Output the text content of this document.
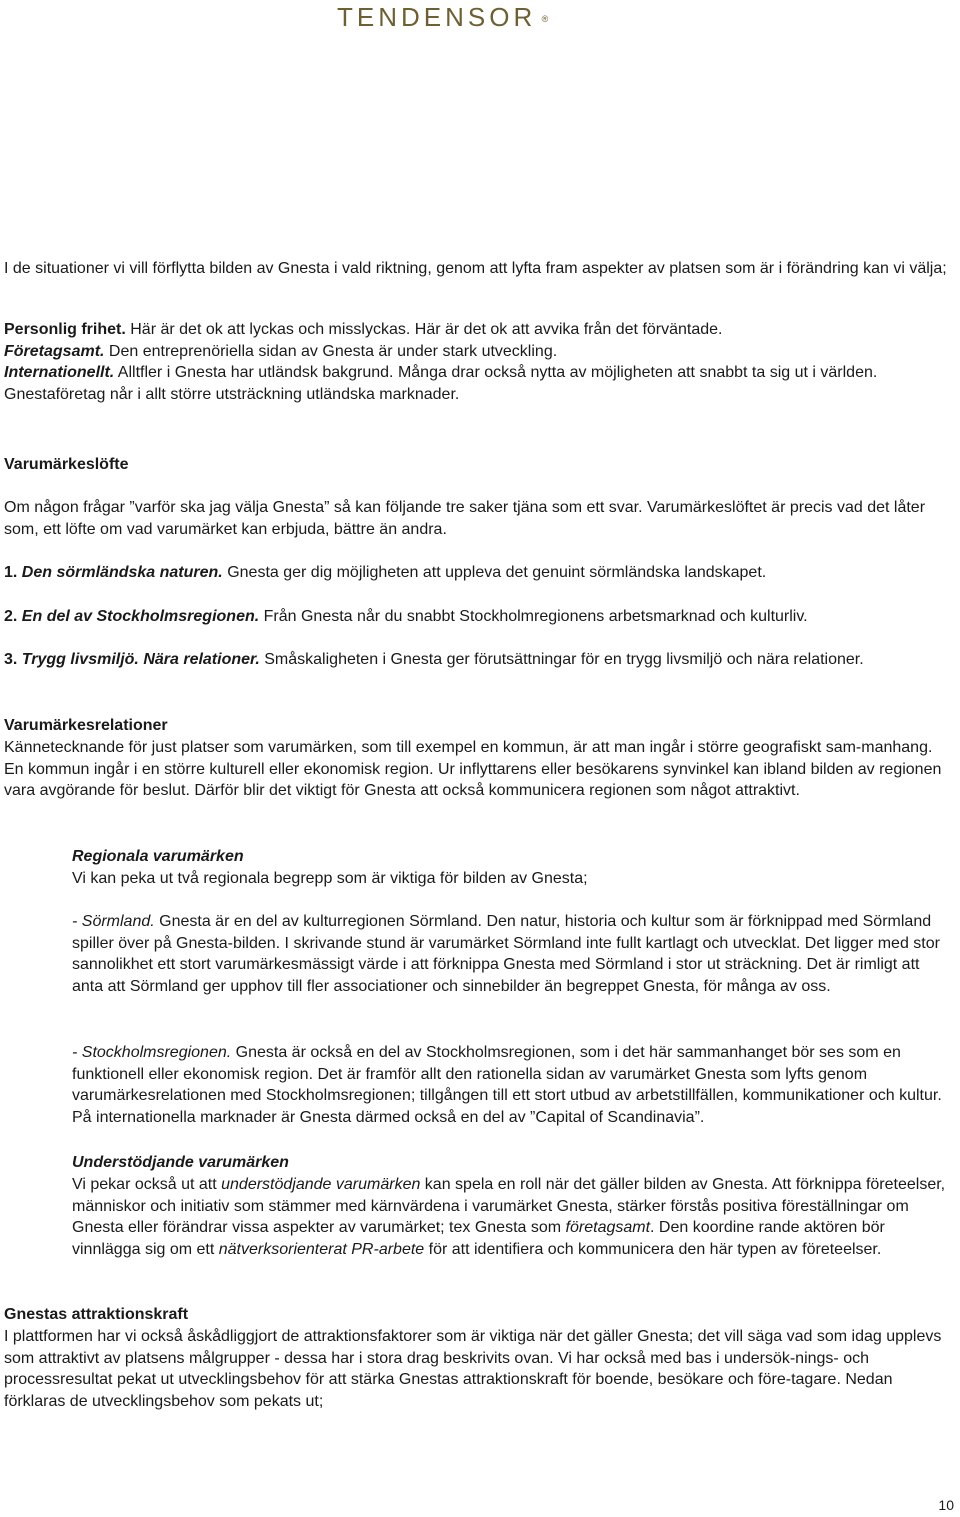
TENDENSOR ®
I de situationer vi vill förflytta bilden av Gnesta i vald riktning, genom att lyfta fram aspekter av platsen som är i förändring kan vi välja;
Personlig frihet. Här är det ok att lyckas och misslyckas. Här är det ok att avvika från det förväntade.
Företagsamt. Den entreprenöriella sidan av Gnesta är under stark utveckling.
Internationellt. Alltfler i Gnesta har utländsk bakgrund. Många drar också nytta av möjligheten att snabbt ta sig ut i världen. Gnestaföretag når i allt större utsträckning utländska marknader.
Varumärkeslöfte
Om någon frågar ”varför ska jag välja Gnesta” så kan följande tre saker tjäna som ett svar. Varumärkeslöftet är precis vad det låter som, ett löfte om vad varumärket kan erbjuda, bättre än andra.
1. Den sörmländska naturen. Gnesta ger dig möjligheten att uppleva det genuint sörmländska landskapet.
2. En del av Stockholmsregionen. Från Gnesta når du snabbt Stockholmregionens arbetsmarknad och kulturliv.
3. Trygg livsmiljö. Nära relationer. Småskaligheten i Gnesta ger förutsättningar för en trygg livsmiljö och nära relationer.
Varumärkesrelationer
Kännetecknande för just platser som varumärken, som till exempel en kommun, är att man ingår i större geografiskt sam-manhang. En kommun ingår i en större kulturell eller ekonomisk region. Ur inflyttarens eller besökarens synvinkel kan ibland bilden av regionen vara avgörande för beslut. Därför blir det viktigt för Gnesta att också kommunicera regionen som något attraktivt.
Regionala varumärken
Vi kan peka ut två regionala begrepp som är viktiga för bilden av Gnesta;
- Sörmland. Gnesta är en del av kulturregionen Sörmland. Den natur, historia och kultur som är förknippad med Sörmland spiller över på Gnesta-bilden. I skrivande stund är varumärket Sörmland inte fullt kartlagt och utvecklat. Det ligger med stor sannolikhet ett stort varumärkesmässigt värde i att förknippa Gnesta med Sörmland i stor ut sträckning. Det är rimligt att anta att Sörmland ger upphov till fler associationer och sinnebilder än begreppet Gnesta, för många av oss.
- Stockholmsregionen. Gnesta är också en del av Stockholmsregionen, som i det här sammanhanget bör ses som en funktionell eller ekonomisk region. Det är framför allt den rationella sidan av varumärket Gnesta som lyfts genom varumärkesrelationen med Stockholmsregionen; tillgången till ett stort utbud av arbetstillfällen, kommunikationer och kultur. På internationella marknader är Gnesta därmed också en del av ”Capital of Scandinavia”.
Understödjande varumärken
Vi pekar också ut att understödjande varumärken kan spela en roll när det gäller bilden av Gnesta. Att förknippa företeelser, människor och initiativ som stämmer med kärnvärdena i varumärket Gnesta, stärker förstås positiva föreställningar om Gnesta eller förändrar vissa aspekter av varumärket; tex Gnesta som företagsamt. Den koordine rande aktören bör vinnlägga sig om ett nätverksorienterat PR-arbete för att identifiera och kommunicera den här typen av företeelser.
Gnestas attraktionskraft
I plattformen har vi också åskådliggjort de attraktionsfaktorer som är viktiga när det gäller Gnesta; det vill säga vad som idag upplevs som attraktivt av platsens målgrupper - dessa har i stora drag beskrivits ovan. Vi har också med bas i undersök-nings- och processresultat pekat ut utvecklingsbehov för att stärka Gnestas attraktionskraft för boende, besökare och före-tagare. Nedan förklaras de utvecklingsbehov som pekats ut;
10
